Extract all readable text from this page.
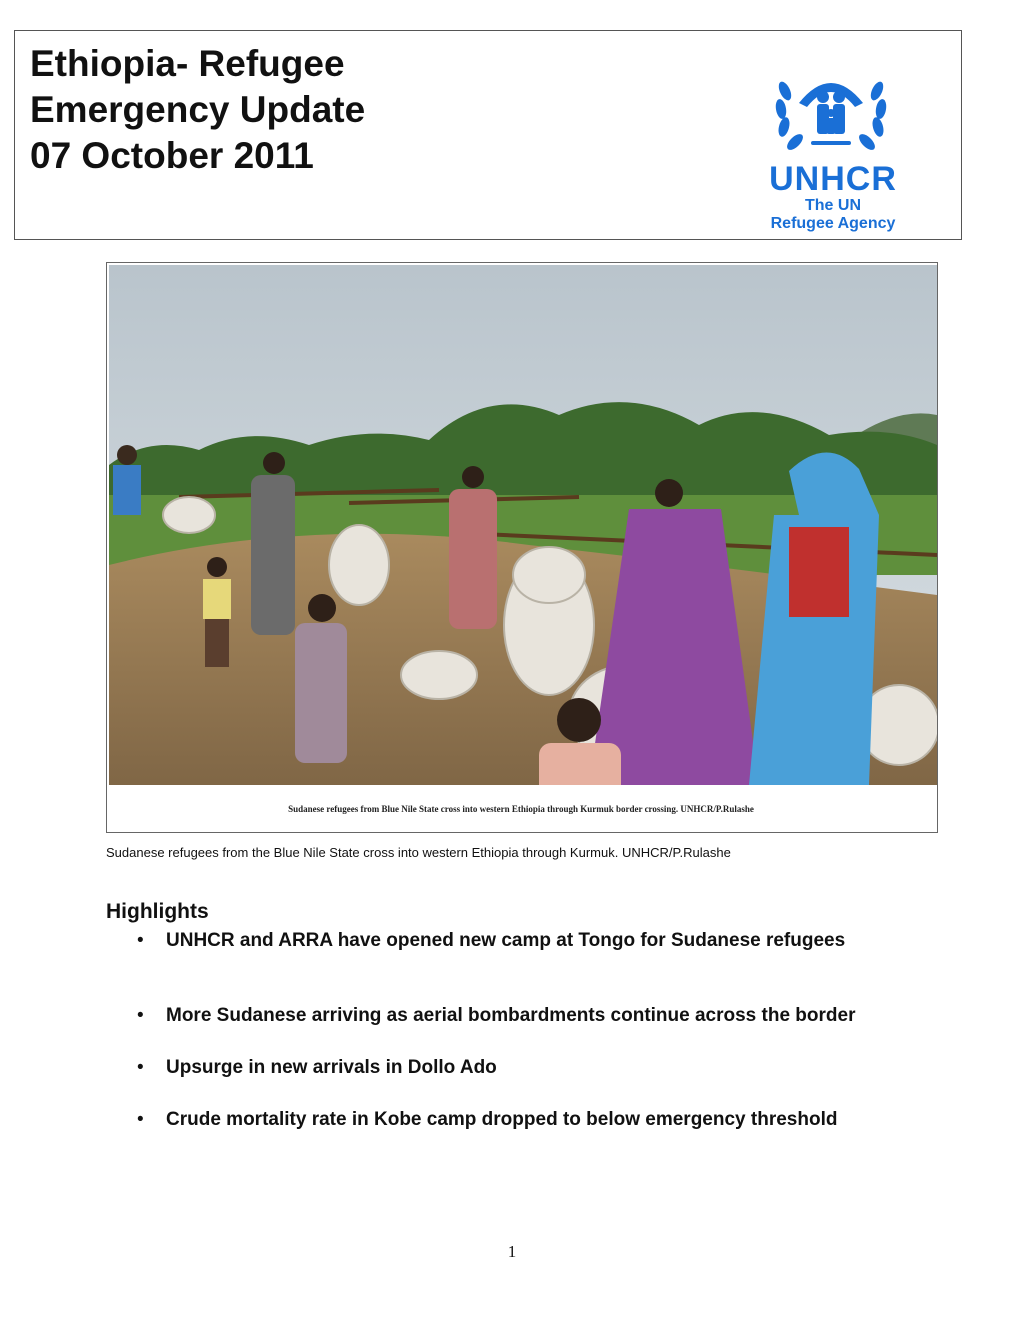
Ethiopia- Refugee
Emergency Update
07 October 2011
UNHCR
The UN
Refugee Agency
Sudanese refugees from Blue Nile State cross into western Ethiopia through Kurmuk border crossing. UNHCR/P.Rulashe
Sudanese refugees from the Blue Nile State cross into western Ethiopia through Kurmuk. UNHCR/P.Rulashe
Highlights
• UNHCR and ARRA have opened new camp at Tongo for Sudanese refugees
• More Sudanese arriving as aerial bombardments continue across the border
• Upsurge in new arrivals in Dollo Ado
• Crude mortality rate in Kobe camp dropped to below emergency threshold
1
